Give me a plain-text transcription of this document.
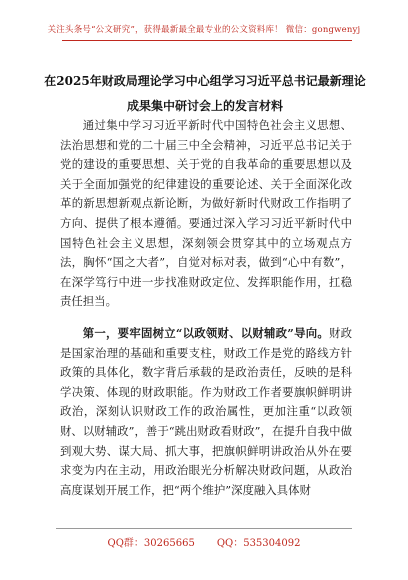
关注头条号“公文研究”，获得最新最全最专业的公文资料库！ 微信：gongwenyj
在2025年财政局理论学习中心组学习习近平总书记最新理论成果集中研讨会上的发言材料

通过集中学习习近平新时代中国特色社会主义思想、法治思想和党的二十届三中全会精神，习近平总书记关于党的建设的重要思想、关于党的自我革命的重要思想以及关于全面加强党的纪律建设的重要论述、关于全面深化改革的新思想新观点新论断，为做好新时代财政工作指明了方向、提供了根本遵循。要通过深入学习习近平新时代中国特色社会主义思想，深刻领会贯穿其中的立场观点方法，胸怀“国之大者”，自觉对标对表，做到“心中有数”，在深学笃行中进一步找准财政定位、发挥职能作用，扛稳责任担当。

第一，要牢固树立“以政领财、以财辅政”导向。财政是国家治理的基础和重要支柱，财政工作是党的路线方针政策的具体化，数字背后承载的是政治责任，反映的是科学决策、体现的财政职能。作为财政工作者要旗帜鲜明讲政治，深刻认识财政工作的政治属性，更加注重“以政领财、以财辅政”，善于“跳出财政看财政”，在提升自我中做到观大势、谋大局、抓大事，把旗帜鲜明讲政治从外在要求变为内在主动，用政治眼光分析解决财政问题，从政治高度谋划开展工作，把“两个维护”深度融入具体财

QQ群：30265665 QQ：535304092
